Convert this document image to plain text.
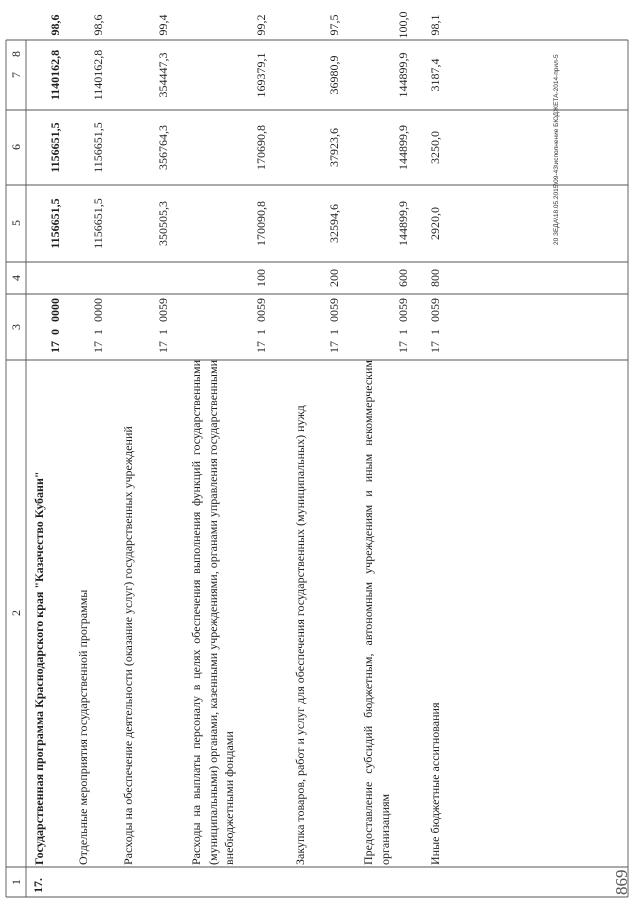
1
2
3
4
5
6
7
8
17.
Государственная программа Краснодарского края "Казачество Кубани"
17
0
0000
1156651,5
1156651,5
1140162,8
98,6
Отдельные мероприятия государственной программы
17
1
0000
1156651,5
1156651,5
1140162,8
98,6
Расходы на обеспечение деятельности (оказание услуг) государственных учреждений
17
1
0059
350505,3
356764,3
354447,3
99,4
Расходы на выплаты персоналу в целях обеспечения выполнения функций государственными (муниципальными) органами, казенными учреждениями, органами управления государственными внебюджетными фондами
17
1
0059
100
170090,8
170690,8
169379,1
99,2
Закупка товаров, работ и услуг для обеспечения государственных (муниципальных) нужд
17
1
0059
200
32594,6
37923,6
36980,9
97,5
Предоставление субсидий бюджетным, автономным учреждениям и иным некоммерческим организациям
17
1
0059
600
144899,9
144899,9
144899,9
100,0
Иные бюджетные ассигнования
17
1
0059
800
2920,0
3250,0
3187,4
98,1
20 ЗЕДА\18.05.2015\09-43\исполнение БЮДЖЕТА-2014-прил-5
869
